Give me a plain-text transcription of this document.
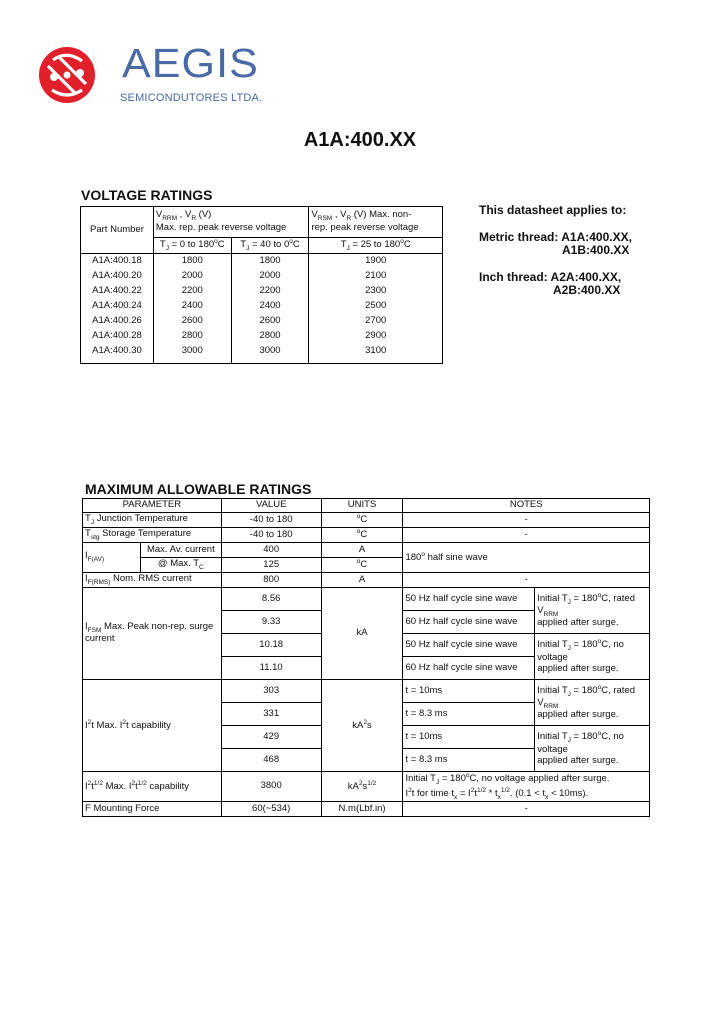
AEGIS
SEMICONDUTORES LTDA.
A1A:400.XX
VOLTAGE RATINGS
Part Number	$V_{RRM}$ , $V_R$ (V)
Max. rep. peak reverse voltage		$V_{RSM}$ , $V_R$ (V) Max. non-
rep. peak reverse voltage
	$T_J = 0$ to 180$^o$C	$T_J = 40$ to 0$^o$C	$T_J = 25$ to 180$^o$C
A1A:400.18	1800	1800	1900
A1A:400.20	2000	2000	2100
A1A:400.22	2200	2200	2300
A1A:400.24	2400	2400	2500
A1A:400.26	2600	2600	2700
A1A:400.28	2800	2800	2900
A1A:400.30	3000	3000	3100
This datasheet applies to:
Metric thread: A1A:400.XX,
A1B:400.XX
Inch thread: A2A:400.XX,
A2B:400.XX
MAXIMUM ALLOWABLE RATINGS
PARAMETER		VALUE	UNITS	NOTES	
$T_J$ Junction Temperature		-40 to 180	$^o$C	-	
$T_{stg}$ Storage Temperature		-40 to 180	$^o$C	-	
$I_{F(AV)}$	Max. Av. current	400	A	180$^o$ half sine wave	
	@ Max. $T_C$	125	$^o$C		
$I_{F(RMS)}$ Nom. RMS current		800	A	-	
$I_{FSM}$ Max. Peak non-rep. surge current		8.56	kA	50 Hz half cycle sine wave	Initial $T_J = 180^oC$, rated $V_{RRM}$
applied after surge.
		9.33		60 Hz half cycle sine wave	
		10.18		50 Hz half cycle sine wave	Initial $T_J = 180^oC$, no voltage
applied after surge.
		11.10		60 Hz half cycle sine wave	
$I^2t$ Max. $I^2t$ capability		303	$kA^2s$	t = 10ms	Initial $T_J = 180^oC$, rated $V_{RRM}$
applied after surge.
		331		t = 8.3 ms	
		429		t = 10ms	Initial $T_J = 180^oC$, no voltage
applied after surge.
		468		t = 8.3 ms	
$I^2t^{1/2}$ Max. $I^2t^{1/2}$ capability		3800	$kA^2s^{1/2}$	Initial $T_J = 180^oC$, no voltage applied after surge.
$I^2t$ for time $t_x = I^2t^{1/2} * t_x^{1/2}$. $(0.1 < t_x < 10ms)$.	
F Mounting Force		60(~534)	N.m(Lbf.in)	-	
